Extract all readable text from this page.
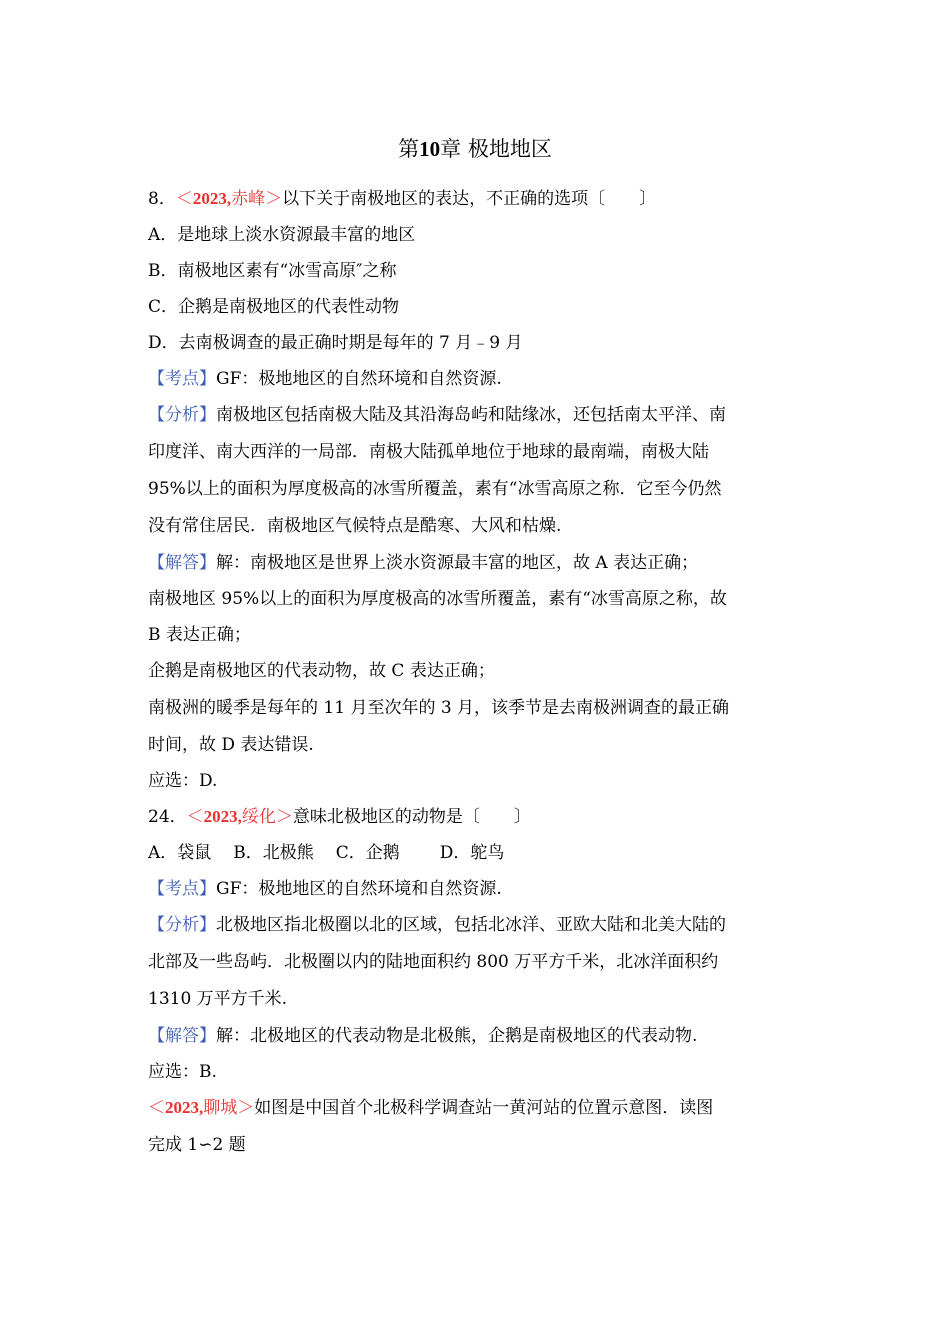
第10章 极地地区
8．＜2023,赤峰＞以下关于南极地区的表达，不正确的选项〔　　〕
A．是地球上淡水资源最丰富的地区
B．南极地区素有“冰雪高原″之称
C．企鹅是南极地区的代表性动物
D．去南极调查的最正确时期是每年的 7 月﹣9 月
【考点】GF：极地地区的自然环境和自然资源.
【分析】南极地区包括南极大陆及其沿海岛屿和陆缘冰，还包括南太平洋、南
印度洋、南大西洋的一局部．南极大陆孤单地位于地球的最南端，南极大陆
95%以上的面积为厚度极高的冰雪所覆盖，素有“冰雪高原之称．它至今仍然
没有常住居民．南极地区气候特点是酷寒、大风和枯燥.
【解答】解：南极地区是世界上淡水资源最丰富的地区，故 A 表达正确；
南极地区 95%以上的面积为厚度极高的冰雪所覆盖，素有“冰雪高原之称，故
B 表达正确；
企鹅是南极地区的代表动物，故 C 表达正确；
南极洲的暖季是每年的 11 月至次年的 3 月，该季节是去南极洲调查的最正确
时间，故 D 表达错误.
应选：D.
24．＜2023,绥化＞意味北极地区的动物是〔　　〕
A．袋鼠 B．北极熊 C．企鹅 D．鸵鸟
【考点】GF：极地地区的自然环境和自然资源.
【分析】北极地区指北极圈以北的区域，包括北冰洋、亚欧大陆和北美大陆的
北部及一些岛屿．北极圈以内的陆地面积约 800 万平方千米，北冰洋面积约
1310 万平方千米.
【解答】解：北极地区的代表动物是北极熊，企鹅是南极地区的代表动物.
应选：B.
＜2023,聊城＞如图是中国首个北极科学调查站一黄河站的位置示意图．读图
完成 1∽2 题
